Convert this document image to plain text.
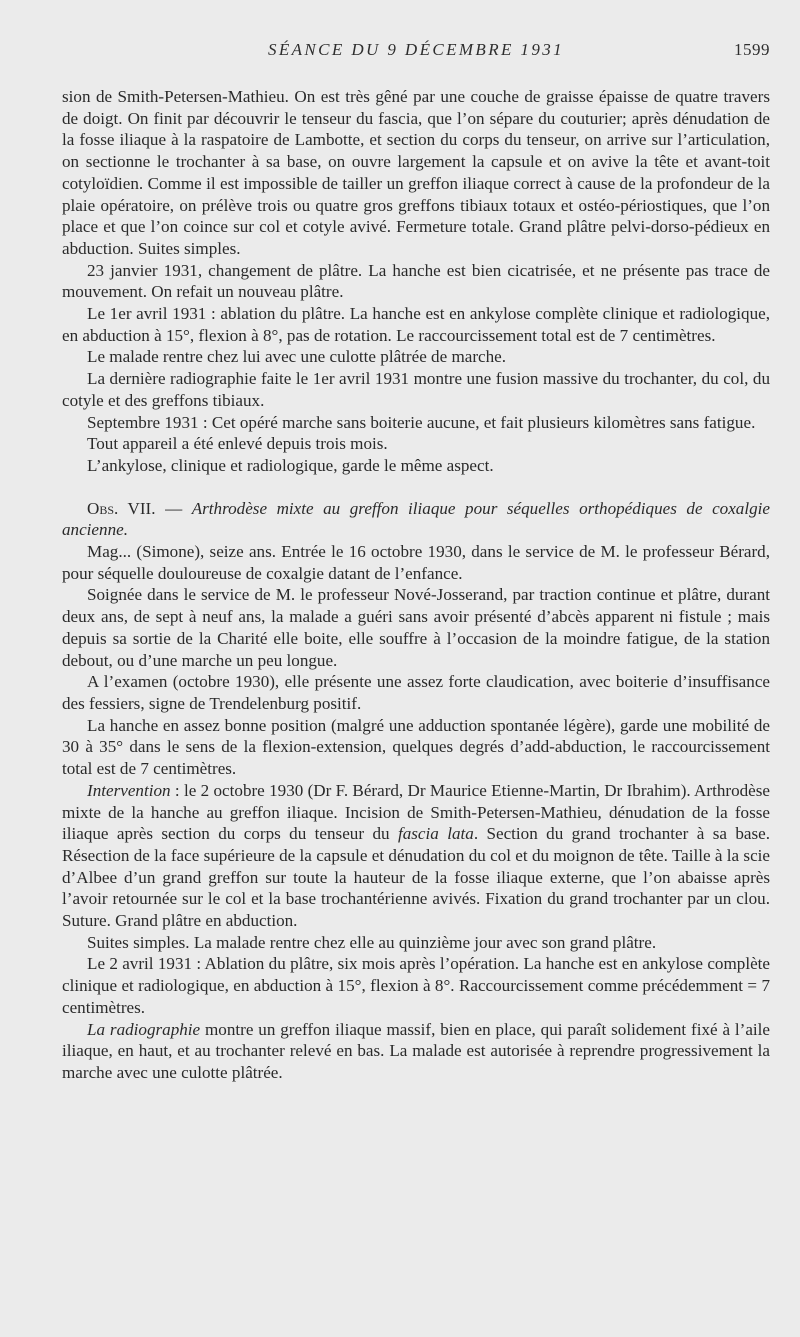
SÉANCE DU 9 DÉCEMBRE 1931	1599

sion de Smith-Petersen-Mathieu. On est très gêné par une couche de graisse épaisse de quatre travers de doigt. On finit par découvrir le tenseur du fascia, que l’on sépare du couturier; après dénudation de la fosse iliaque à la raspatoire de Lambotte, et section du corps du tenseur, on arrive sur l’articulation, on sectionne le trochanter à sa base, on ouvre largement la capsule et on avive la tête et avant-toit cotyloïdien. Comme il est impossible de tailler un greffon iliaque correct à cause de la profondeur de la plaie opératoire, on prélève trois ou quatre gros greffons tibiaux totaux et ostéo-périostiques, que l’on place et que l’on coince sur col et cotyle avivé. Fermeture totale. Grand plâtre pelvi-dorso-pédieux en abduction. Suites simples.

23 janvier 1931, changement de plâtre. La hanche est bien cicatrisée, et ne présente pas trace de mouvement. On refait un nouveau plâtre.

Le 1er avril 1931 : ablation du plâtre. La hanche est en ankylose complète clinique et radiologique, en abduction à 15°, flexion à 8°, pas de rotation. Le raccourcissement total est de 7 centimètres.

Le malade rentre chez lui avec une culotte plâtrée de marche.

La dernière radiographie faite le 1er avril 1931 montre une fusion massive du trochanter, du col, du cotyle et des greffons tibiaux.

Septembre 1931 : Cet opéré marche sans boiterie aucune, et fait plusieurs kilomètres sans fatigue.

Tout appareil a été enlevé depuis trois mois.

L’ankylose, clinique et radiologique, garde le même aspect.

Obs. VII. — Arthrodèse mixte au greffon iliaque pour séquelles orthopédiques de coxalgie ancienne.

Mag... (Simone), seize ans. Entrée le 16 octobre 1930, dans le service de M. le professeur Bérard, pour séquelle douloureuse de coxalgie datant de l’enfance.

Soignée dans le service de M. le professeur Nové-Josserand, par traction continue et plâtre, durant deux ans, de sept à neuf ans, la malade a guéri sans avoir présenté d’abcès apparent ni fistule ; mais depuis sa sortie de la Charité elle boite, elle souffre à l’occasion de la moindre fatigue, de la station debout, ou d’une marche un peu longue.

A l’examen (octobre 1930), elle présente une assez forte claudication, avec boiterie d’insuffisance des fessiers, signe de Trendelenburg positif.

La hanche en assez bonne position (malgré une adduction spontanée légère), garde une mobilité de 30 à 35° dans le sens de la flexion-extension, quelques degrés d’add-abduction, le raccourcissement total est de 7 centimètres.

Intervention : le 2 octobre 1930 (Dr F. Bérard, Dr Maurice Etienne-Martin, Dr Ibrahim). Arthrodèse mixte de la hanche au greffon iliaque. Incision de Smith-Petersen-Mathieu, dénudation de la fosse iliaque après section du corps du tenseur du fascia lata. Section du grand trochanter à sa base. Résection de la face supérieure de la capsule et dénudation du col et du moignon de tête. Taille à la scie d’Albee d’un grand greffon sur toute la hauteur de la fosse iliaque externe, que l’on abaisse après l’avoir retournée sur le col et la base trochantérienne avivés. Fixation du grand trochanter par un clou. Suture. Grand plâtre en abduction.

Suites simples. La malade rentre chez elle au quinzième jour avec son grand plâtre.

Le 2 avril 1931 : Ablation du plâtre, six mois après l’opération. La hanche est en ankylose complète clinique et radiologique, en abduction à 15°, flexion à 8°. Raccourcissement comme précédemment = 7 centimètres.

La radiographie montre un greffon iliaque massif, bien en place, qui paraît solidement fixé à l’aile iliaque, en haut, et au trochanter relevé en bas. La malade est autorisée à reprendre progressivement la marche avec une culotte plâtrée.
